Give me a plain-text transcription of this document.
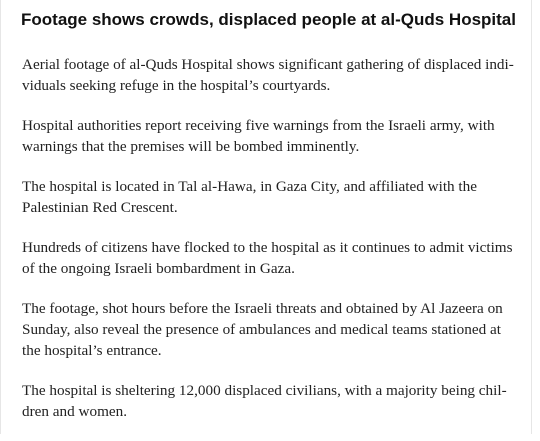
Footage shows crowds, displaced people at al-Quds Hospital

Aerial footage of al-Quds Hospital shows significant gathering of displaced indi-viduals seeking refuge in the hospital’s courtyards.

Hospital authorities report receiving five warnings from the Israeli army, with warnings that the premises will be bombed imminently.

The hospital is located in Tal al-Hawa, in Gaza City, and affiliated with the Palestinian Red Crescent.

Hundreds of citizens have flocked to the hospital as it continues to admit victims of the ongoing Israeli bombardment in Gaza.

The footage, shot hours before the Israeli threats and obtained by Al Jazeera on Sunday, also reveal the presence of ambulances and medical teams stationed at the hospital’s entrance.

The hospital is sheltering 12,000 displaced civilians, with a majority being chil-dren and women.
